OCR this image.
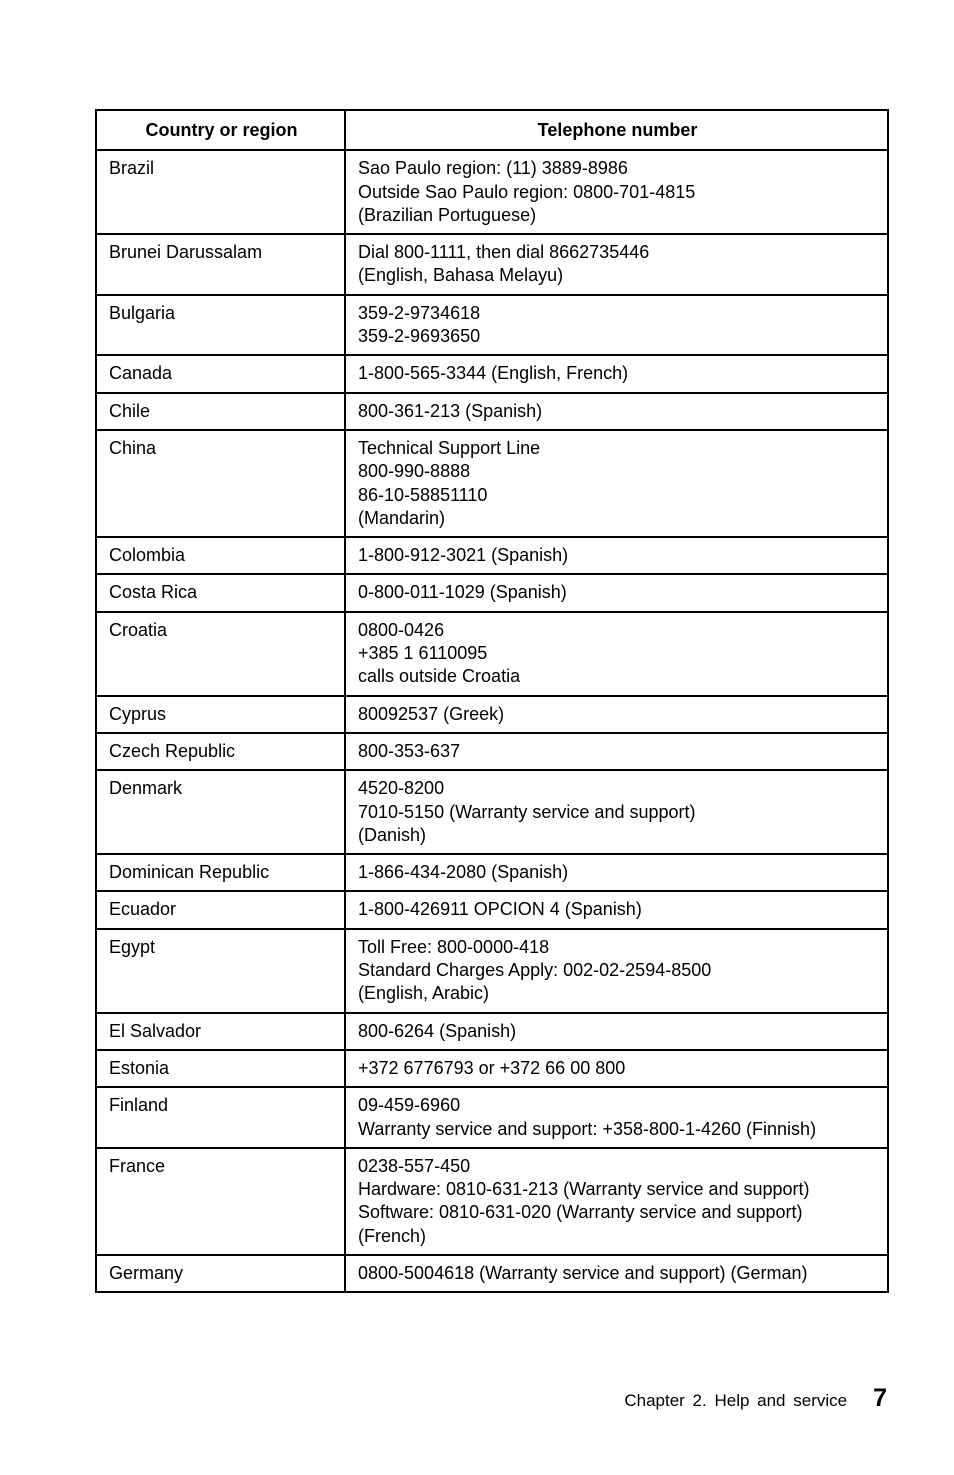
Country or region	Telephone number
Brazil	Sao Paulo region: (11) 3889-8986
Outside Sao Paulo region: 0800-701-4815
(Brazilian Portuguese)

Brunei Darussalam	Dial 800-1111, then dial 8662735446
(English, Bahasa Melayu)

Bulgaria	359-2-9734618
359-2-9693650

Canada	1-800-565-3344 (English, French)

Chile	800-361-213 (Spanish)

China	Technical Support Line
800-990-8888
86-10-58851110
(Mandarin)

Colombia	1-800-912-3021 (Spanish)

Costa Rica	0-800-011-1029 (Spanish)

Croatia	0800-0426
+385 1 6110095
calls outside Croatia

Cyprus	80092537 (Greek)

Czech Republic	800-353-637

Denmark	4520-8200
7010-5150 (Warranty service and support)
(Danish)

Dominican Republic	1-866-434-2080 (Spanish)

Ecuador	1-800-426911 OPCION 4 (Spanish)

Egypt	Toll Free: 800-0000-418
Standard Charges Apply: 002-02-2594-8500
(English, Arabic)

El Salvador	800-6264 (Spanish)

Estonia	+372 6776793 or +372 66 00 800

Finland	09-459-6960
Warranty service and support: +358-800-1-4260 (Finnish)

France	0238-557-450
Hardware: 0810-631-213 (Warranty service and support)
Software: 0810-631-020 (Warranty service and support)
(French)

Germany	0800-5004618 (Warranty service and support) (German)
Chapter 2. Help and service 7
